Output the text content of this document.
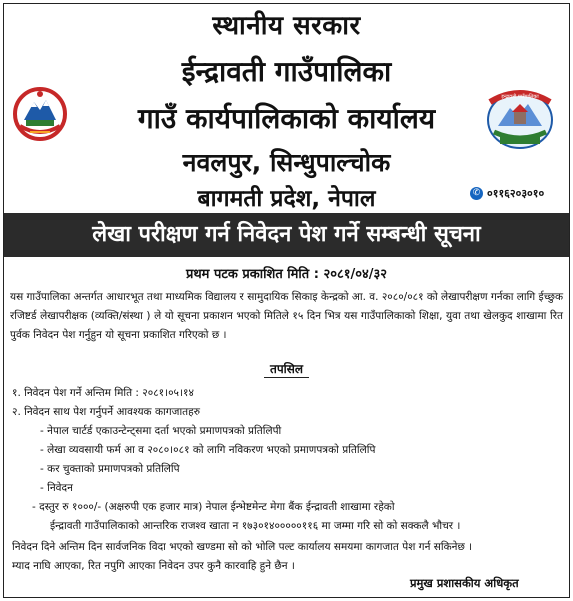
इन्द्रावती गाउँपालिका
स्थानीय सरकार
ईन्द्रावती गाउँपालिका
गाउँ कार्यपालिकाको कार्यालय
नवलपुर, सिन्धुपाल्चोक
बागमती प्रदेश, नेपाल	✆ ०११६२०३०१०
लेखा परीक्षण गर्न निवेदन पेश गर्ने सम्बन्धी सूचना
प्रथम पटक प्रकाशित मिति : २०८१/०४/३२
यस गाउँपालिका अन्तर्गत आधारभूत तथा माध्यमिक विद्यालय र सामुदायिक सिकाइ केन्द्रको आ. व. २०८०/०८१ को लेखापरीक्षण गर्नका लागि ईच्छुक रजिष्टर्ड लेखापरीक्षक (व्यक्ति/संस्था ) ले यो सूचना प्रकाशन भएको मितिले १५ दिन भित्र यस गाउँपालिकाको शिक्षा, युवा तथा खेलकुद शाखामा रित पुर्वक निवेदन पेश गर्नुहुन यो सूचना प्रकाशित गरिएको छ ।
तपसिल
१. निवेदन पेश गर्ने अन्तिम मिति : २०८१।०५।१४
२. निवेदन साथ पेश गर्नुपर्ने आवश्यक कागजातहरु
- नेपाल चार्टर्ड एकाउन्टेन्ट्समा दर्ता भएको प्रमाणपत्रको प्रतिलिपी
- लेखा व्यवसायी फर्म आ व २०८०।०८१ को लागि नविकरण भएको प्रमाणपत्रको प्रतिलिपि
- कर चुक्ताको प्रमाणपत्रको प्रतिलिपि
- निवेदन
- दस्तुर रु १०००/- (अक्षरुपी एक हजार मात्र) नेपाल ईन्भेष्टमेन्ट मेगा बैंक ईन्द्रावती शाखामा रहेको
ईन्द्रावती गाउँपालिकाको आन्तरिक राजश्व खाता न १७३०१४०००००११६ मा जम्मा गरि सो को सक्कलै भौचर ।
निवेदन दिने अन्तिम दिन सार्वजनिक विदा भएको खण्डमा सो को भोलि पल्ट कार्यालय समयमा कागजात पेश गर्न सकिनेछ ।
म्याद नाघि आएका, रित नपुगि आएका निवेदन उपर कुनै कारवाहि हुने छैन ।
प्रमुख प्रशासकीय अधिकृत
